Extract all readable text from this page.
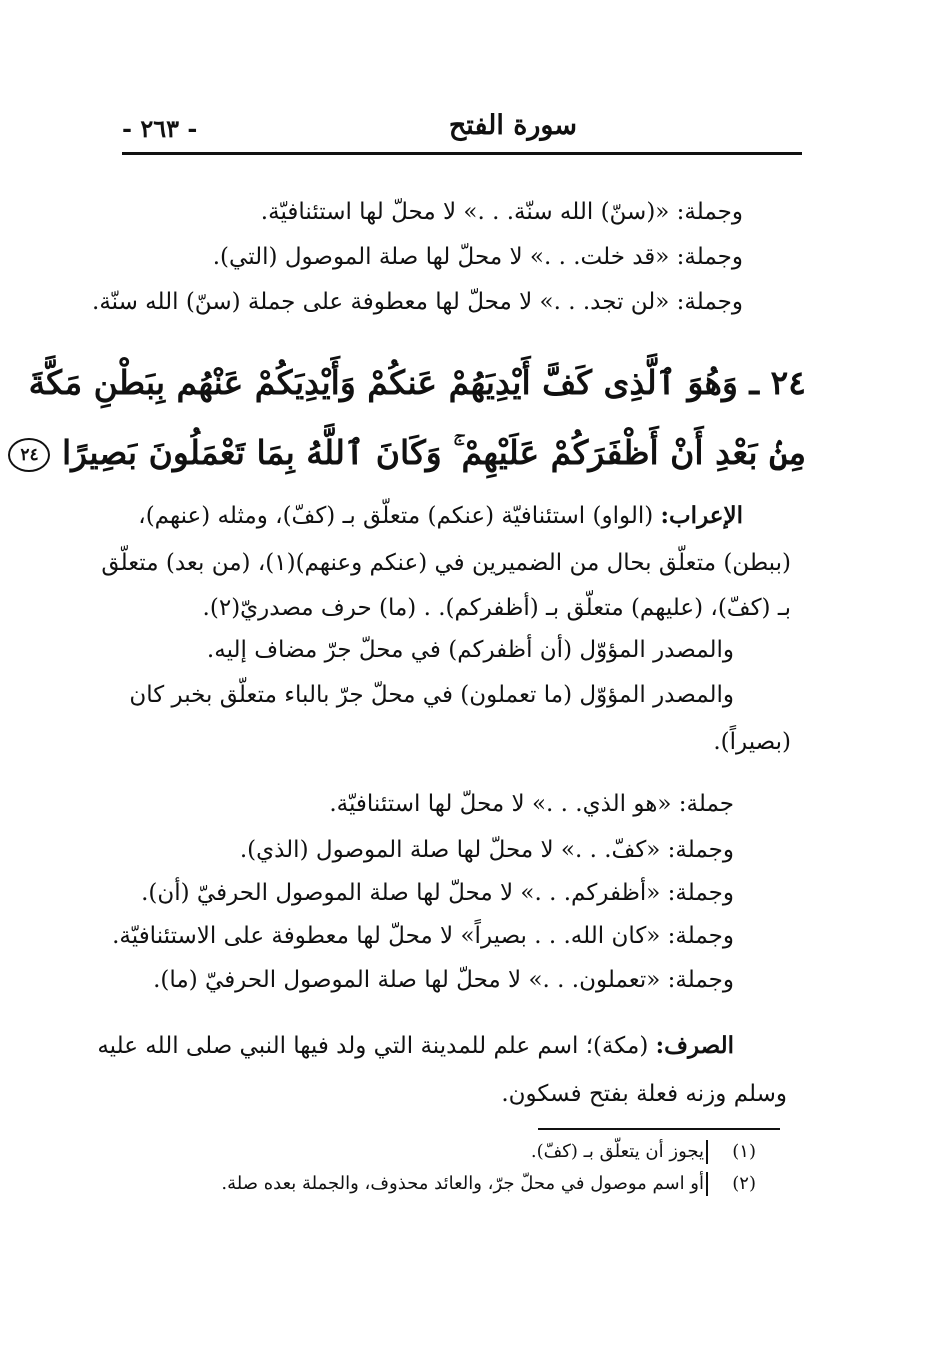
سورة الفتح
- ٢٦٣ -
وجملة: «(سنّ) الله سنّة. . .» لا محلّ لها استئنافيّة.
وجملة: «قد خلت. . .» لا محلّ لها صلة الموصول (التي).
وجملة: «لن تجد. . .» لا محلّ لها معطوفة على جملة (سنّ) الله سنّة.
٢٤ ـ وَهُوَ ٱلَّذِى كَفَّ أَيْدِيَهُمْ عَنكُمْ وَأَيْدِيَكُمْ عَنْهُم بِبَطْنِ مَكَّةَ
مِنۢ بَعْدِ أَنْ أَظْفَرَكُمْ عَلَيْهِمْ ۚ وَكَانَ ٱللَّهُ بِمَا تَعْمَلُونَ بَصِيرًا ٢٤
الإعراب: (الواو) استئنافيّة (عنكم) متعلّق بـ (كفّ)، ومثله (عنهم)،
(ببطن) متعلّق بحال من الضميرين في (عنكم وعنهم)(١)، (من بعد) متعلّق
بـ (كفّ)، (عليهم) متعلّق بـ (أظفركم). . (ما) حرف مصدريّ(٢).
والمصدر المؤوّل (أن أظفركم) في محلّ جرّ مضاف إليه.
والمصدر المؤوّل (ما تعملون) في محلّ جرّ بالباء متعلّق بخبر كان
(بصيراً).
جملة: «هو الذي. . .» لا محلّ لها استئنافيّة.
وجملة: «كفّ. . .» لا محلّ لها صلة الموصول (الذي).
وجملة: «أظفركم. . .» لا محلّ لها صلة الموصول الحرفيّ (أن).
وجملة: «كان الله. . . بصيراً» لا محلّ لها معطوفة على الاستئنافيّة.
وجملة: «تعملون. . .» لا محلّ لها صلة الموصول الحرفيّ (ما).
الصرف: (مكة)؛ اسم علم للمدينة التي ولد فيها النبي صلى الله عليه
وسلم وزنه فعلة بفتح فسكون.
(١)
يجوز أن يتعلّق بـ (كفّ).
(٢)
أو اسم موصول في محلّ جرّ، والعائد محذوف، والجملة بعده صلة.
